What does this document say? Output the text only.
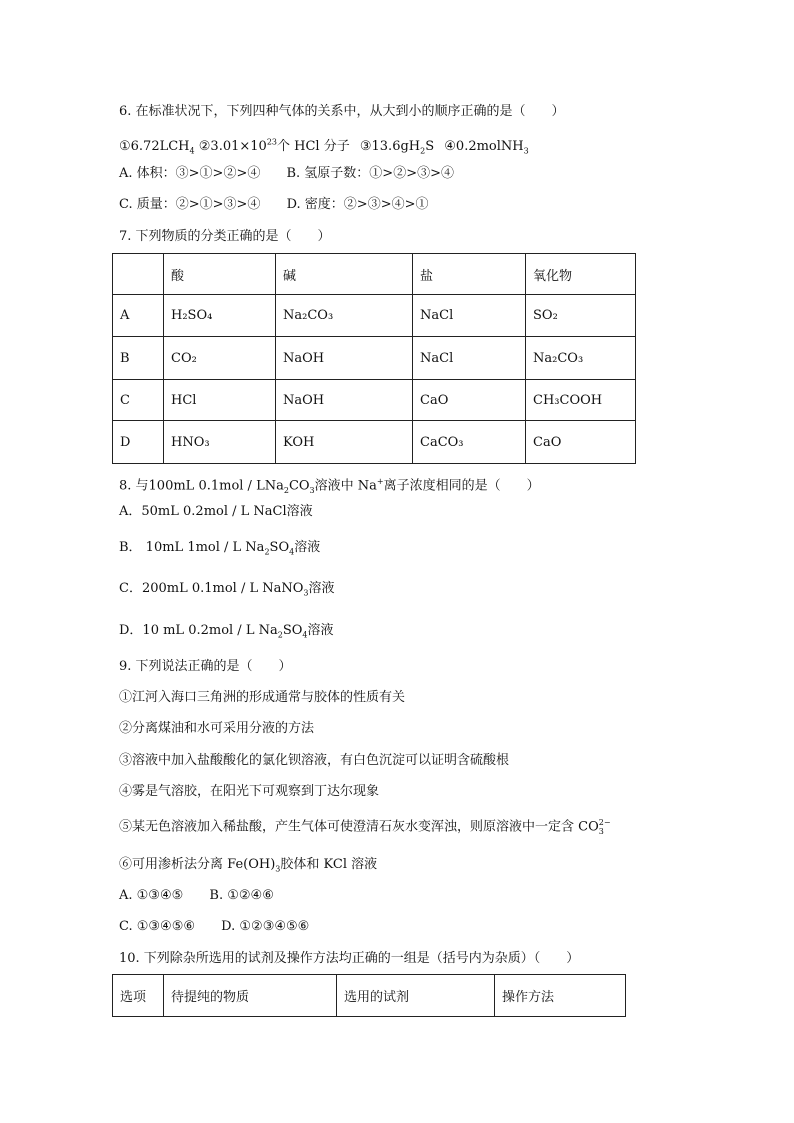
6. 在标准状况下，下列四种气体的关系中，从大到小的顺序正确的是（　　）
$①6.72LCH_4$ $②3.01\times 10^{23}$个 HCl 分子 $③13.6gH_2S$ ④0.2molNH$_3$
A. 体积：③>①>②>④ B. 氢原子数：①>②>③>④
C. 质量：②>①>③>④ D. 密度：②>③>④>①
7. 下列物质的分类正确的是（　　）
	酸	碱	盐	氧化物
A	H₂SO₄	Na₂CO₃	NaCl	SO₂
B	CO₂	NaOH	NaCl	Na₂CO₃
C	HCl	NaOH	CaO	CH₃COOH
D	HNO₃	KOH	CaCO₃	CaO
8. 与100mL $0.1mol / LNa_2CO_3$溶液中 Na+离子浓度相同的是（　　）
A．50mL 0.2mol / L NaCl溶液
B． 10mL 1mol / L $Na_2SO_4$溶液
C．200mL 0.1mol / L NaNO$_3$溶液
D．10 mL 0.2mol / L $Na_2SO_4$溶液
9. 下列说法正确的是（　　）
①江河入海口三角洲的形成通常与胶体的性质有关
②分离煤油和水可采用分液的方法
③溶液中加入盐酸酸化的氯化钡溶液，有白色沉淀可以证明含硫酸根
④雾是气溶胶，在阳光下可观察到丁达尔现象
⑤某无色溶液加入稀盐酸，产生气体可使澄清石灰水变浑浊，则原溶液中一定含 CO 2−
3
⑥可用渗析法分离 $Fe(OH)_3$胶体和 KCl 溶液
A. ①③④⑤ B. ①②④⑥
C. ①③④⑤⑥ D. ①②③④⑤⑥
10. 下列除杂所选用的试剂及操作方法均正确的一组是（括号内为杂质）（　　）
选项	待提纯的物质	选用的试剂	操作方法
